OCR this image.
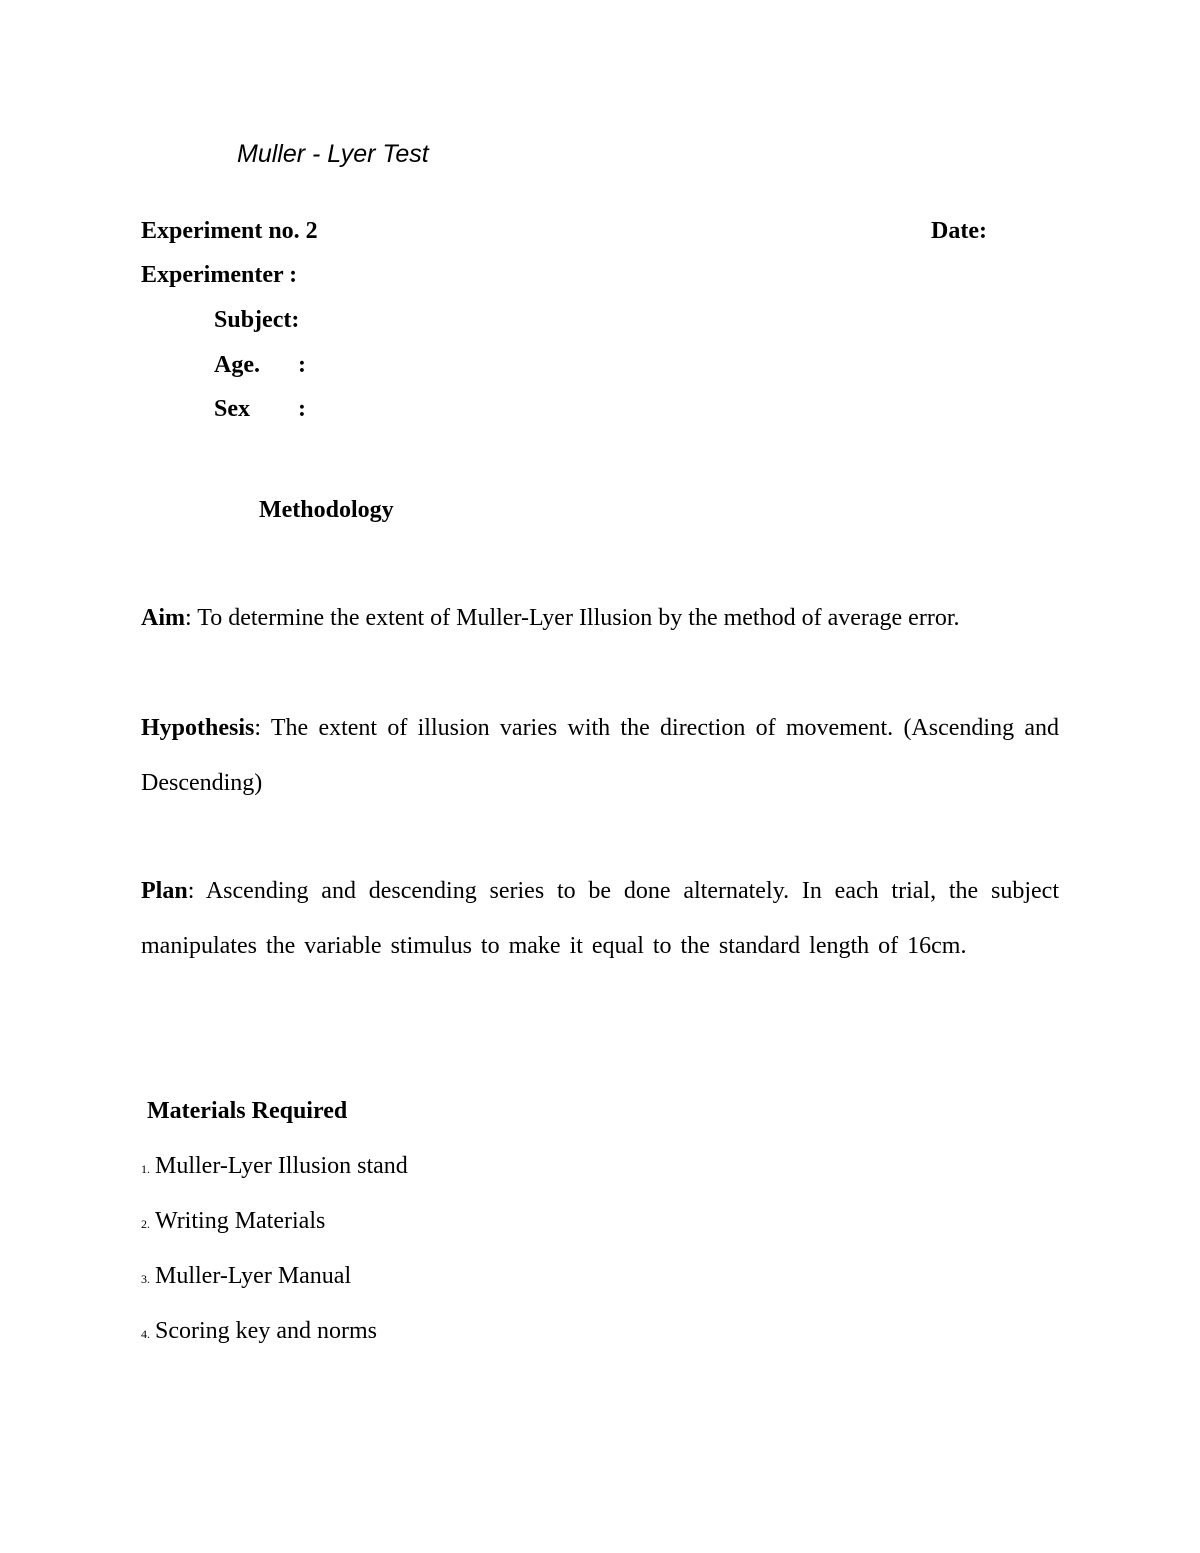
Muller - Lyer Test
Experiment no. 2	Date:
Experimenter :
Subject:
Age. :
Sex :
Methodology
Aim: To determine the extent of Muller-Lyer Illusion by the method of average error.
Hypothesis: The extent of illusion varies with the direction of movement. (Ascending and Descending)
Plan: Ascending and descending series to be done alternately. In each trial, the subject manipulates the variable stimulus to make it equal to the standard length of 16cm.
Materials Required
1. Muller-Lyer Illusion stand
2. Writing Materials
3. Muller-Lyer Manual
4. Scoring key and norms
